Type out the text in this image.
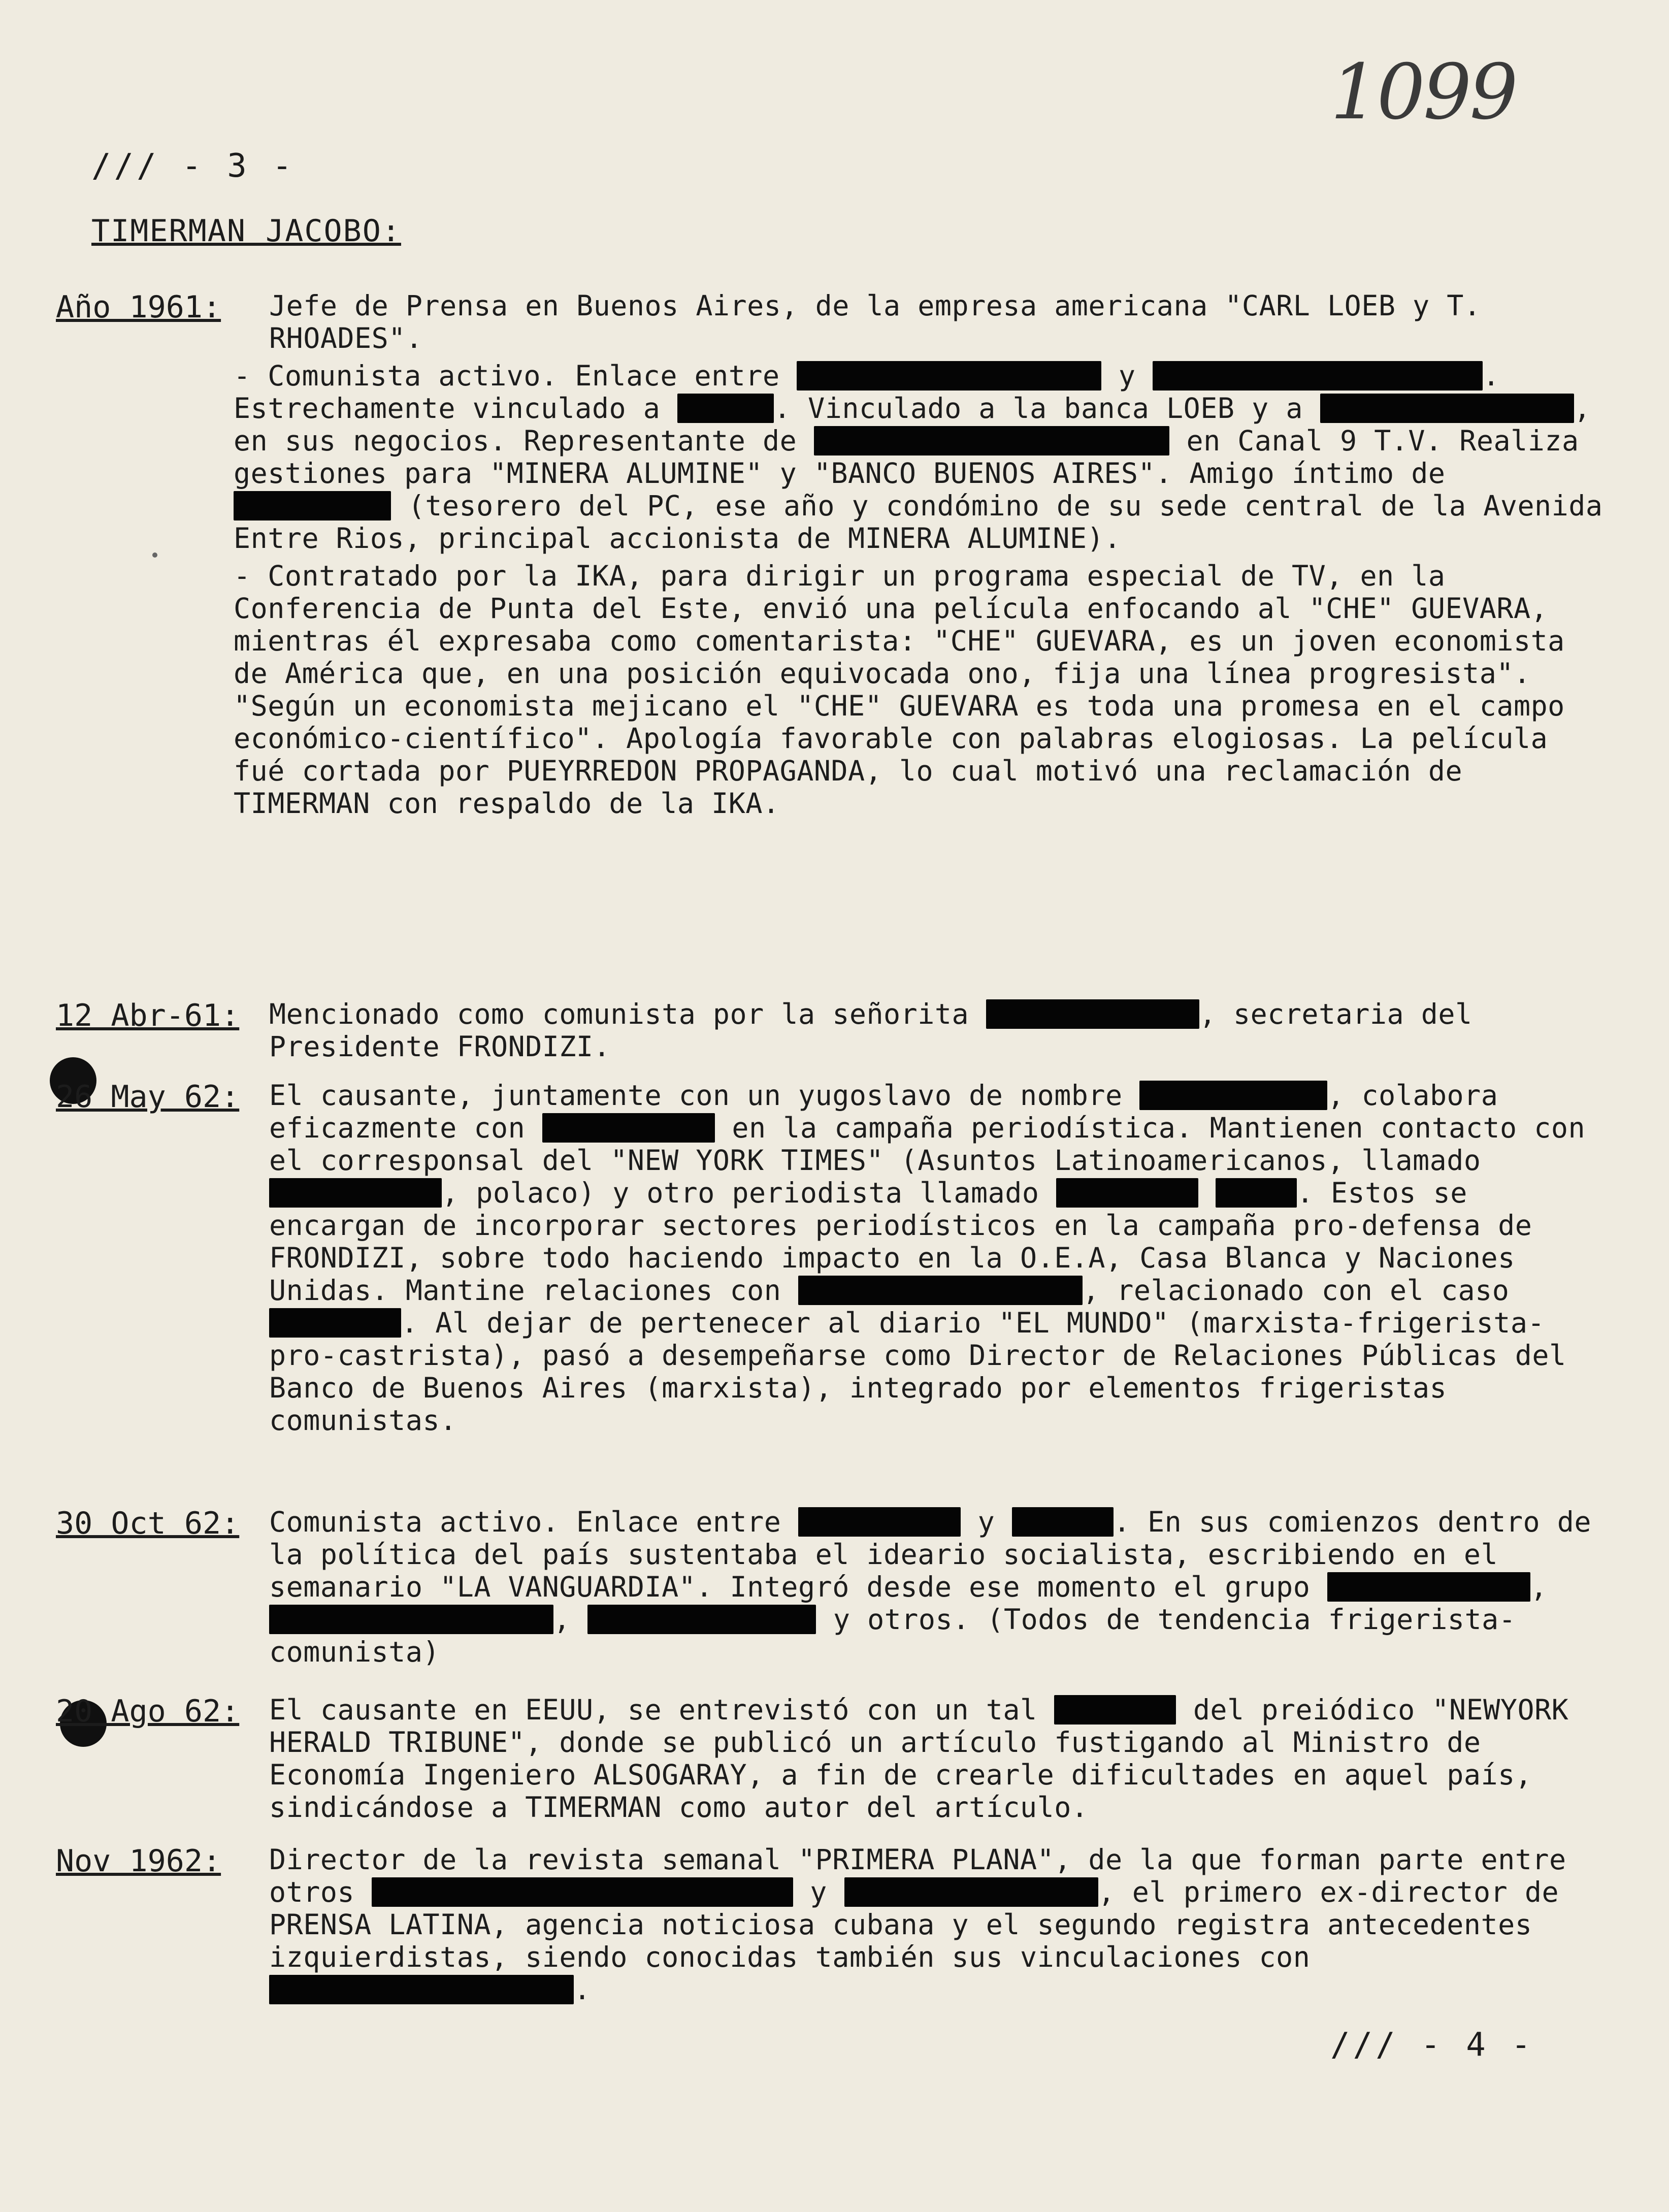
1099
/// - 3 -
TIMERMAN JACOBO:
Año 1961:	Jefe de Prensa en Buenos Aires, de la empresa americana "CARL LOEB y T. RHOADES".

- Comunista activo. Enlace entre	y	. Estrechamente vinculado a	. Vinculado a la banca LOEB y a	, en sus negocios. Representante de	en Canal 9 T.V. Realiza gestiones para "MINERA ALUMINE" y "BANCO BUENOS AIRES". Amigo íntimo de  (tesorero del PC, ese año y condómino de su sede central de la Avenida Entre Rios, principal accionista de MINERA ALUMINE).

- Contratado por la IKA, para dirigir un programa especial de TV, en la Conferencia de Punta del Este, envió una película enfocando al "CHE" GUEVARA, mientras él expresaba como comentarista: "CHE" GUEVARA, es un joven economista de América que, en una posición equivocada ono, fija una línea progresista". "Según un economista mejicano el "CHE" GUEVARA es toda una promesa en el campo económico-científico". Apología favorable con palabras elogiosas. La película fué cortada por PUEYRREDON PROPAGANDA, lo cual motivó una reclamación de TIMERMAN con respaldo de la IKA.

12 Abr-61:	Mencionado como comunista por la señorita	, secretaria del Presidente FRONDIZI.

26 May 62:	El causante, juntamente con un yugoslavo de nombre	, colabora eficazmente con	en la campaña periodística. Mantienen contacto con el corresponsal del "NEW YORK TIMES" (Asuntos Latinoamericanos, llamado , polaco) y otro periodista llamado	. Estos se encargan de incorporar sectores periodísticos en la campaña pro-defensa de FRONDIZI, sobre todo haciendo impacto en la O.E.A, Casa Blanca y Naciones Unidas. Mantine relaciones con	, relacionado con el caso . Al dejar de pertenecer al diario "EL MUNDO" (marxista-frigerista-pro-castrista), pasó a desempeñarse como Director de Relaciones Públicas del Banco de Buenos Aires (marxista), integrado por elementos frigeristas comunistas.

30 Oct 62:	Comunista activo. Enlace entre	y	. En sus comienzos dentro de la política del país sustentaba el ideario socialista, escribiendo en el semanario "LA VANGUARDIA". Integró desde ese momento el grupo	, ,	y otros. (Todos de tendencia frigerista-comunista)

20 Ago 62:	El causante en EEUU, se entrevistó con un tal	del preiódico "NEWYORK HERALD TRIBUNE", donde se publicó un artículo fustigando al Ministro de Economía Ingeniero ALSOGARAY, a fin de crearle dificultades en aquel país, sindicándose a TIMERMAN como autor del artículo.

Nov 1962:	Director de la revista semanal "PRIMERA PLANA", de la que forman parte entre otros	y	, el primero ex-director de PRENSA LATINA, agencia noticiosa cubana y el segundo registra antecedentes izquierdistas, siendo conocidas también sus vinculaciones con .

/// - 4 -
